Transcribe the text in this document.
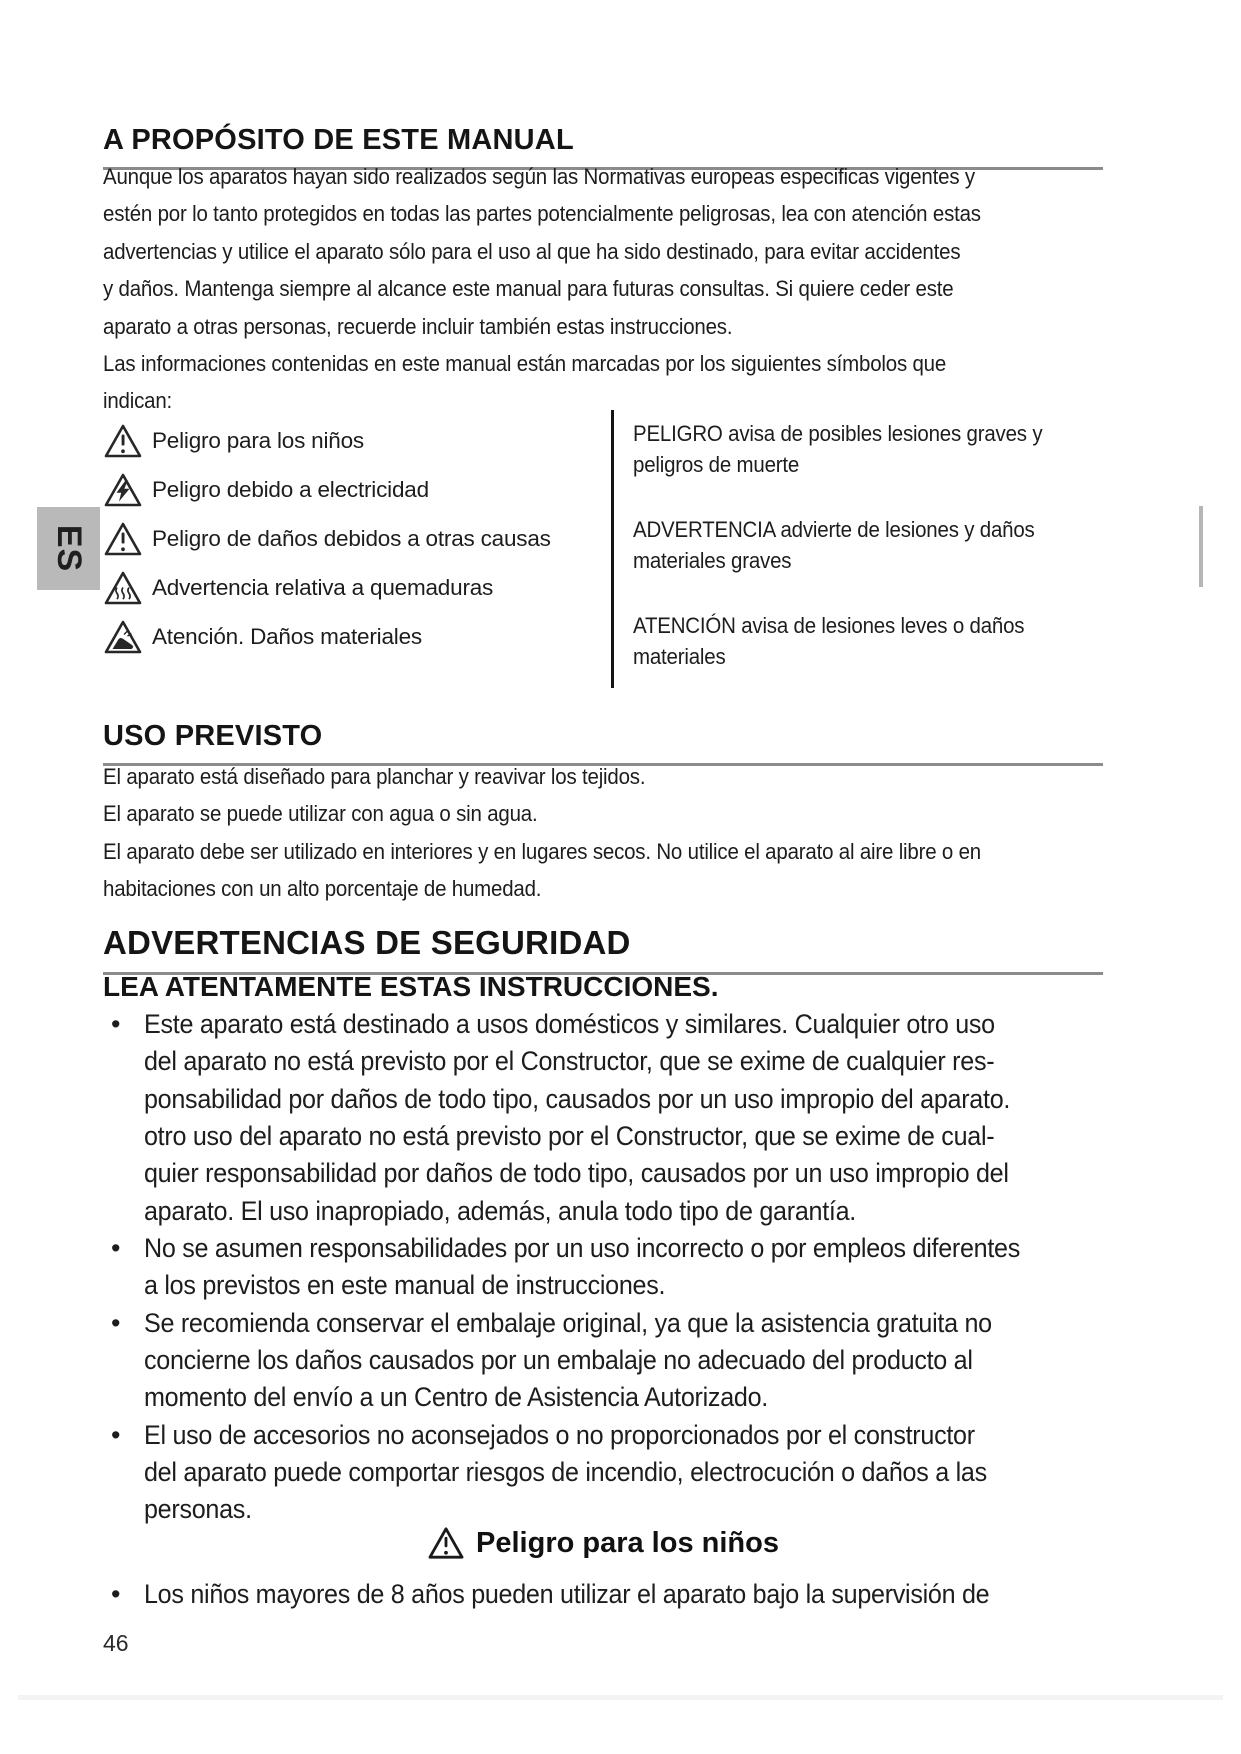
ES
A PROPÓSITO DE ESTE MANUAL
Aunque los aparatos hayan sido realizados según las Normativas europeas especificas vigentes y
estén por lo tanto protegidos en todas las partes potencialmente peligrosas, lea con atención estas
advertencias y utilice el aparato sólo para el uso al que ha sido destinado, para evitar accidentes
y daños. Mantenga siempre al alcance este manual para futuras consultas. Si quiere ceder este
aparato a otras personas, recuerde incluir también estas instrucciones.
Las informaciones contenidas en este manual están marcadas por los siguientes símbolos que
indican:
Peligro para los niños
Peligro debido a electricidad
Peligro de daños debidos a otras causas
Advertencia relativa a quemaduras
Atención. Daños materiales
PELIGRO avisa de posibles lesiones graves y
peligros de muerte
ADVERTENCIA advierte de lesiones y daños
materiales graves
ATENCIÓN avisa de lesiones leves o daños
materiales
USO PREVISTO
El aparato está diseñado para planchar y reavivar los tejidos.
El aparato se puede utilizar con agua o sin agua.
El aparato debe ser utilizado en interiores y en lugares secos. No utilice el aparato al aire libre o en
habitaciones con un alto porcentaje de humedad.
ADVERTENCIAS DE SEGURIDAD
LEA ATENTAMENTE ESTAS INSTRUCCIONES.
• Este aparato está destinado a usos domésticos y similares. Cualquier otro uso
del aparato no está previsto por el Constructor, que se exime de cualquier res-
ponsabilidad por daños de todo tipo, causados por un uso impropio del aparato.
otro uso del aparato no está previsto por el Constructor, que se exime de cual-
quier responsabilidad por daños de todo tipo, causados por un uso impropio del
aparato. El uso inapropiado, además, anula todo tipo de garantía.
• No se asumen responsabilidades por un uso incorrecto o por empleos diferentes
a los previstos en este manual de instrucciones.
• Se recomienda conservar el embalaje original, ya que la asistencia gratuita no
concierne los daños causados por un embalaje no adecuado del producto al
momento del envío a un Centro de Asistencia Autorizado.
• El uso de accesorios no aconsejados o no proporcionados por el constructor
del aparato puede comportar riesgos de incendio, electrocución o daños a las
personas.
Peligro para los niños
• Los niños mayores de 8 años pueden utilizar el aparato bajo la supervisión de
46
